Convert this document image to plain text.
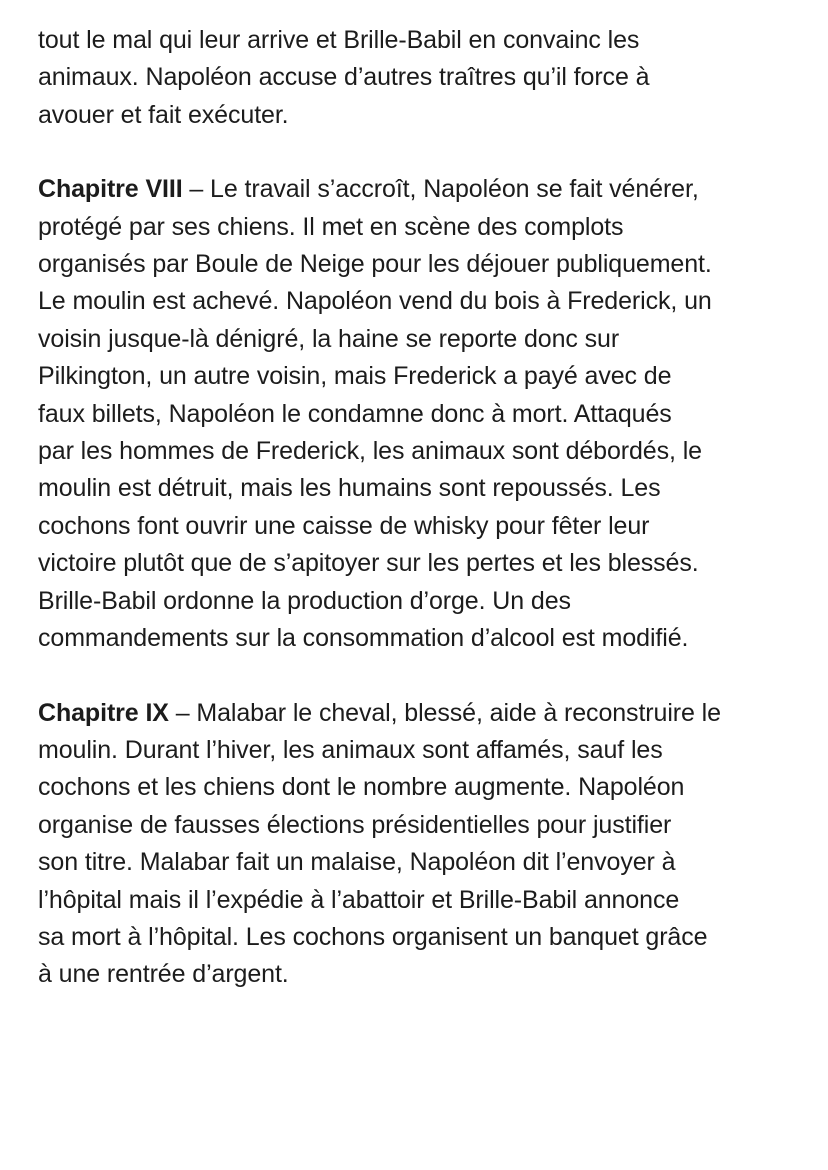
tout le mal qui leur arrive et Brille-Babil en convainc les
animaux. Napoléon accuse d’autres traîtres qu’il force à
avouer et fait exécuter.

Chapitre VIII – Le travail s’accroît, Napoléon se fait vénérer,
protégé par ses chiens. Il met en scène des complots
organisés par Boule de Neige pour les déjouer publiquement.
Le moulin est achevé. Napoléon vend du bois à Frederick, un
voisin jusque-là dénigré, la haine se reporte donc sur
Pilkington, un autre voisin, mais Frederick a payé avec de
faux billets, Napoléon le condamne donc à mort. Attaqués
par les hommes de Frederick, les animaux sont débordés, le
moulin est détruit, mais les humains sont repoussés. Les
cochons font ouvrir une caisse de whisky pour fêter leur
victoire plutôt que de s’apitoyer sur les pertes et les blessés.
Brille-Babil ordonne la production d’orge. Un des
commandements sur la consommation d’alcool est modifié.

Chapitre IX – Malabar le cheval, blessé, aide à reconstruire le
moulin. Durant l’hiver, les animaux sont affamés, sauf les
cochons et les chiens dont le nombre augmente. Napoléon
organise de fausses élections présidentielles pour justifier
son titre. Malabar fait un malaise, Napoléon dit l’envoyer à
l’hôpital mais il l’expédie à l’abattoir et Brille-Babil annonce
sa mort à l’hôpital. Les cochons organisent un banquet grâce
à une rentrée d’argent.
